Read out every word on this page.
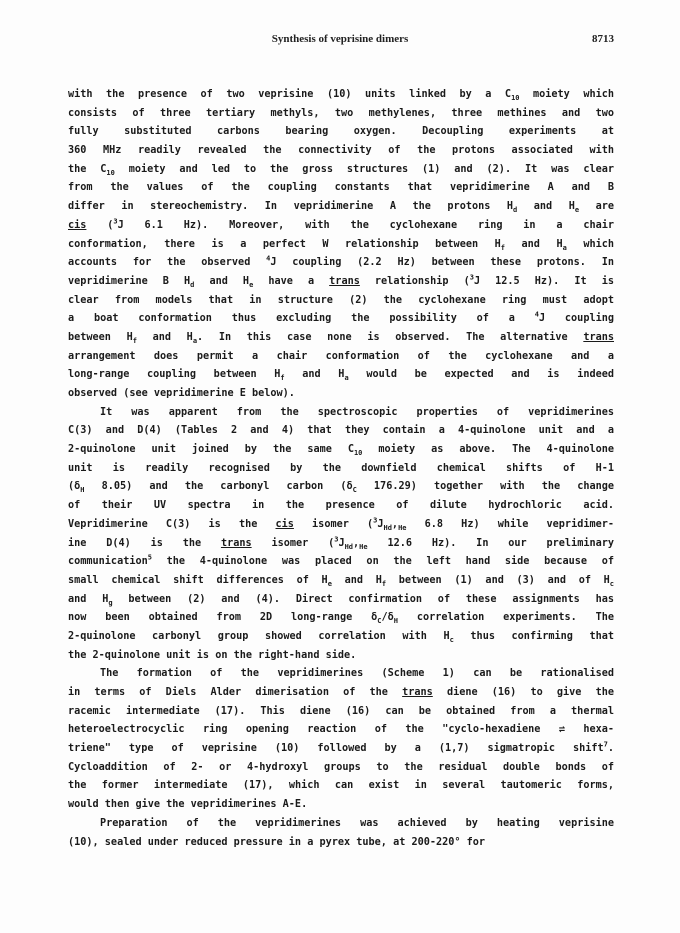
Synthesis of veprisine dimers	8713
with the presence of two veprisine (10) units linked by a $C_{10}$ moiety which
consists of three tertiary methyls, two methylenes, three methines and two
fully substituted carbons bearing oxygen. Decoupling experiments at
360 MHz readily revealed the connectivity of the protons associated with
the $C_{10}$ moiety and led to the gross structures (1) and (2). It was clear
from the values of the coupling constants that vepridimerine A and B
differ in stereochemistry. In vepridimerine A the protons $H_d$ and $H_e$ are
cis ($^3$J 6.1 Hz). Moreover, with the cyclohexane ring in a chair
conformation, there is a perfect W relationship between $H_f$ and $H_a$ which
accounts for the observed $^4$J coupling (2.2 Hz) between these protons. In
vepridimerine B $H_d$ and $H_e$ have a trans relationship ($^3$J 12.5 Hz). It is
clear from models that in structure (2) the cyclohexane ring must adopt
a boat conformation thus excluding the possibility of a $^4$J coupling
between $H_f$ and $H_a$. In this case none is observed. The alternative trans
arrangement does permit a chair conformation of the cyclohexane and a
long-range coupling between $H_f$ and $H_a$ would be expected and is indeed
observed (see vepridimerine E below).
It was apparent from the spectroscopic properties of vepridimerines
C(3) and D(4) (Tables 2 and 4) that they contain a 4-quinolone unit and a
2-quinolone unit joined by the same $C_{10}$ moiety as above. The 4-quinolone
unit is readily recognised by the downfield chemical shifts of H-1
($\delta_H$ 8.05) and the carbonyl carbon ($\delta_C$ 176.29) together with the change
of their UV spectra in the presence of dilute hydrochloric acid.
Vepridimerine C(3) is the cis isomer ($^3J_{Hd},_{He}$ 6.8 Hz) while vepridimer-
ine D(4) is the trans isomer ($^3J_{Hd},_{He}$ 12.6 Hz). In our preliminary
communication$^5$ the 4-quinolone was placed on the left hand side because of
small chemical shift differences of $H_e$ and $H_f$ between (1) and (3) and of $H_c$
and $H_g$ between (2) and (4). Direct confirmation of these assignments has
now been obtained from 2D long-range $\delta_C/\delta_H$ correlation experiments. The
2-quinolone carbonyl group showed correlation with $H_c$ thus confirming that
the 2-quinolone unit is on the right-hand side.
The formation of the vepridimerines (Scheme 1) can be rationalised
in terms of Diels Alder dimerisation of the trans diene (16) to give the
racemic intermediate (17). This diene (16) can be obtained from a thermal
heteroelectrocyclic ring opening reaction of the "cyclo-hexadiene ⇌ hexa-
triene" type of veprisine (10) followed by a (1,7) sigmatropic shift$^7$.
Cycloaddition of 2- or 4-hydroxyl groups to the residual double bonds of
the former intermediate (17), which can exist in several tautomeric forms,
would then give the vepridimerines A-E.
Preparation of the vepridimerines was achieved by heating veprisine
(10), sealed under reduced pressure in a pyrex tube, at 200-220° for
